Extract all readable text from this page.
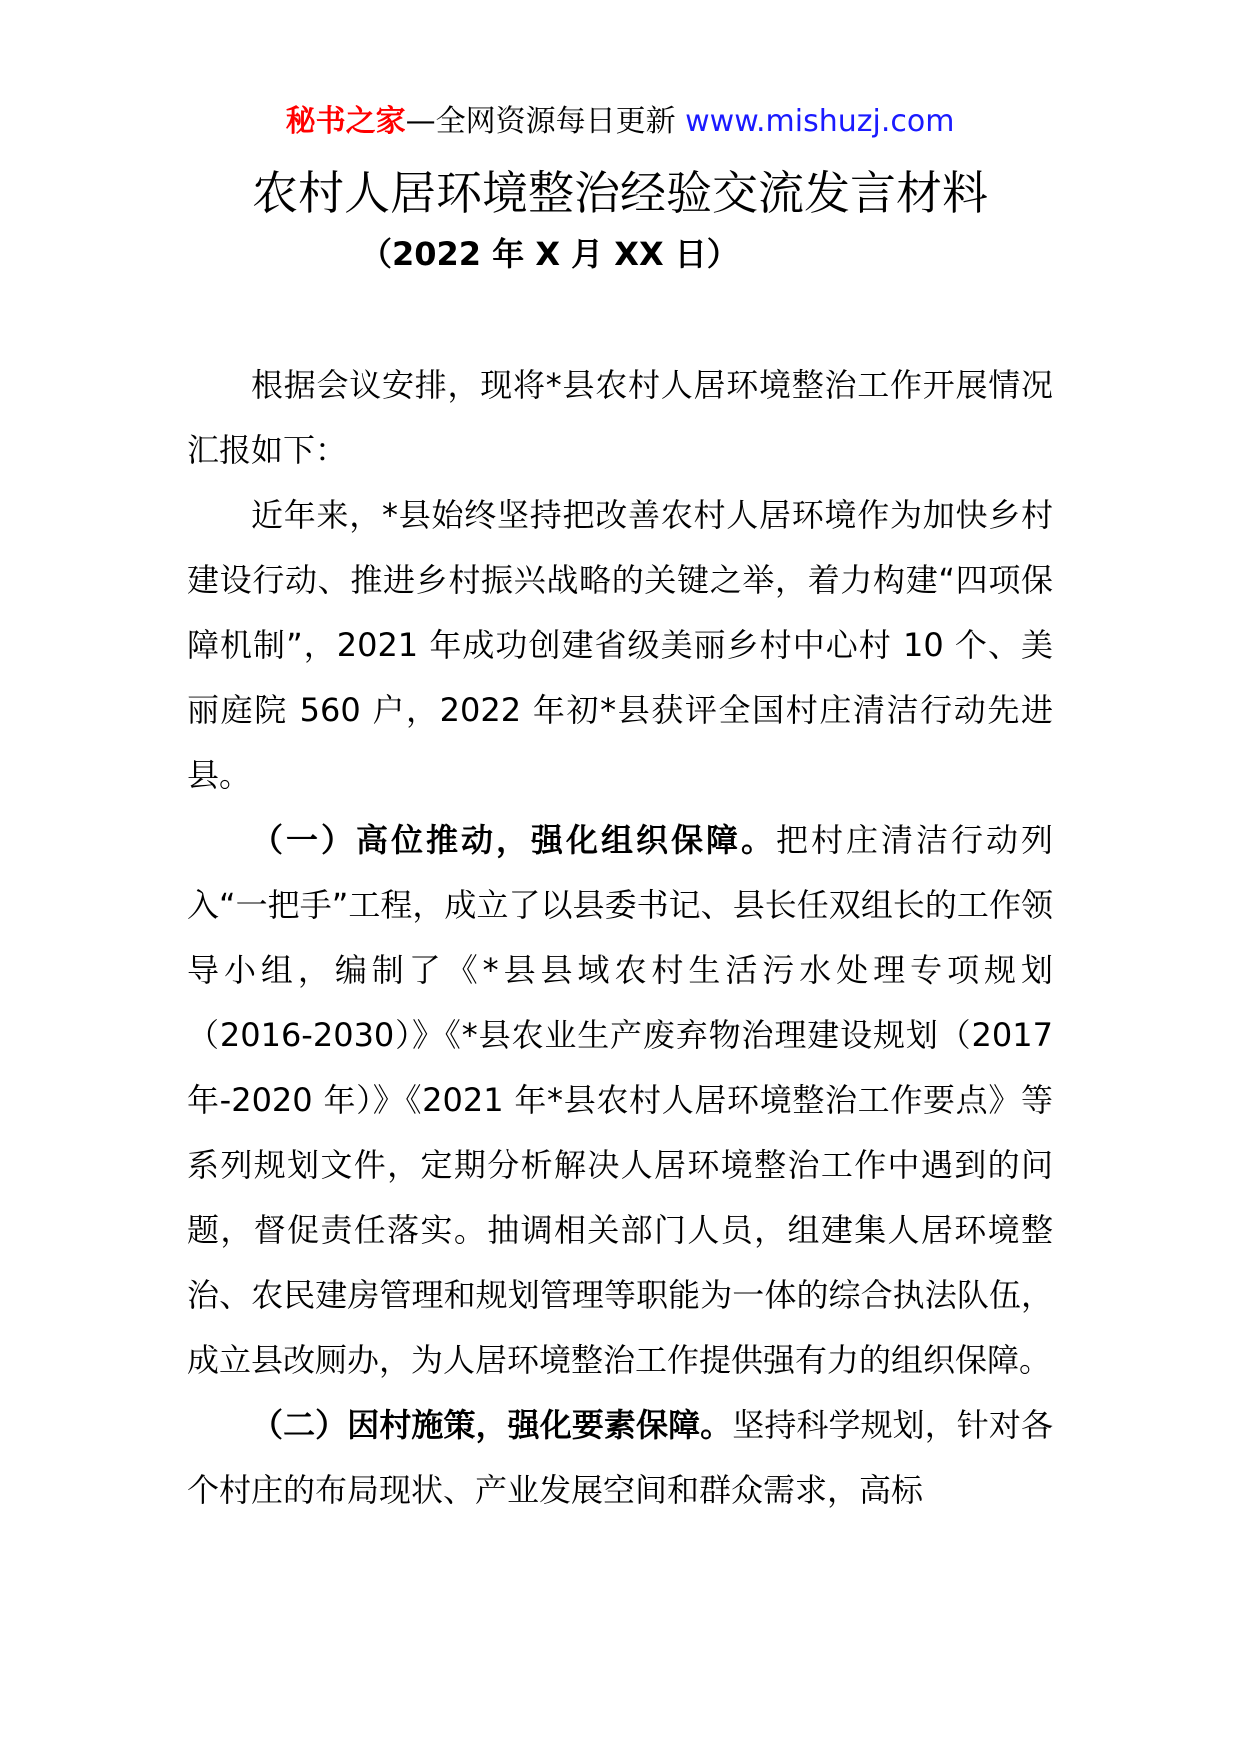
秘书之家—全网资源每日更新 www.mishuzj.com
农村人居环境整治经验交流发言材料
（2022 年 X 月 XX 日）

根据会议安排，现将*县农村人居环境整治工作开展情况汇报如下：

近年来，*县始终坚持把改善农村人居环境作为加快乡村建设行动、推进乡村振兴战略的关键之举，着力构建“四项保障机制”，2021 年成功创建省级美丽乡村中心村 10 个、美丽庭院 560 户，2022 年初*县获评全国村庄清洁行动先进县。

（一）高位推动，强化组织保障。把村庄清洁行动列入“一把手”工程，成立了以县委书记、县长任双组长的工作领导小组，编制了《*县县域农村生活污水处理专项规划（2016-2030）》《*县农业生产废弃物治理建设规划（2017 年-2020 年）》《2021 年*县农村人居环境整治工作要点》等系列规划文件，定期分析解决人居环境整治工作中遇到的问题，督促责任落实。抽调相关部门人员，组建集人居环境整治、农民建房管理和规划管理等职能为一体的综合执法队伍，成立县改厕办，为人居环境整治工作提供强有力的组织保障。

（二）因村施策，强化要素保障。坚持科学规划，针对各个村庄的布局现状、产业发展空间和群众需求，高标
